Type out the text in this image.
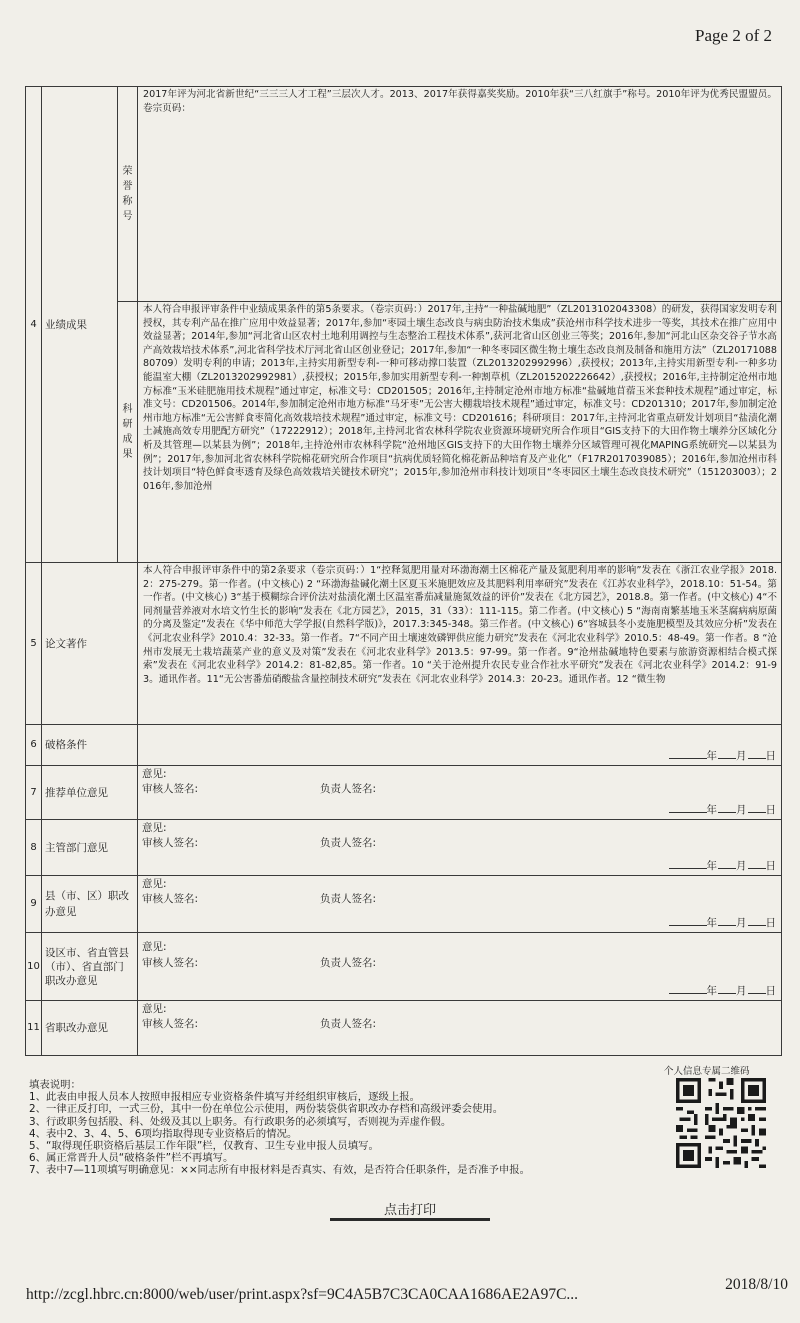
Page 2 of 2
4	业绩成果	荣誉称号	2017年评为河北省新世纪“三三三人才工程”三层次人才。2013、2017年获得嘉奖奖励。2010年获“三八红旗手”称号。2010年评为优秀民盟盟员。卷宗页码：

		科研成果	本人符合申报评审条件中业绩成果条件的第5条要求。（卷宗页码：）2017年,主持“一种盐碱地肥”（ZL2013102043308）的研发，获得国家发明专利授权，其专利产品在推广应用中效益显著；2017年,参加“枣园土壤生态改良与病虫防治技术集成”获沧州市科学技术进步一等奖，其技术在推广应用中效益显著；2014年,参加“河北省山区农村土地利用调控与生态整治工程技术体系”,获河北省山区创业三等奖；2016年,参加“河北山区杂交谷子节水高产高效栽培技术体系”,河北省科学技术厅河北省山区创业登记；2017年,参加“一种冬枣园区微生物土壤生态改良剂及制备和施用方法”（ZL2017108880709）发明专利的申请；2013年,主持实用新型专利-一种可移动撑口装置（ZL2013202992996）,获授权；2013年,主持实用新型专利-一种多功能温室大棚（ZL2013202992981）,获授权；2015年,参加实用新型专利-一种割草机（ZL2015202226642）,获授权；2016年,主持制定沧州市地方标准“玉米硅肥施用技术规程”通过审定，标准文号：CD201505；2016年,主持制定沧州市地方标准“盐碱地苜蓿玉米套种技术规程”通过审定，标准文号：CD201506。2014年,参加制定沧州市地方标准“马牙枣”无公害大棚栽培技术规程”通过审定，标准文号：CD201310；2017年,参加制定沧州市地方标准“无公害鲜食枣简化高效栽培技术规程”通过审定，标准文号：CD201616；科研项目：2017年,主持河北省重点研发计划项目“盐渍化潮土减施高效专用肥配方研究”（17222912）；2018年,主持河北省农林科学院农业资源环境研究所合作项目“GIS支持下的大田作物土壤养分区域化分析及其管理—以某县为例”；2018年,主持沧州市农林科学院“沧州地区GIS支持下的大田作物土壤养分区域管理可视化MAPING系统研究—以某县为例”；2017年,参加河北省农林科学院棉花研究所合作项目“抗病优质轻简化棉花新品种培育及产业化”（F17R2017039085）；2016年,参加沧州市科技计划项目“特色鲜食枣透育及绿色高效栽培关键技术研究”；2015年,参加沧州市科技计划项目“冬枣园区土壤生态改良技术研究”（151203003）；2016年,参加沧州

5	论文著作		本人符合申报评审条件中的第2条要求（卷宗页码：）1“控释氮肥用量对环渤海潮土区棉花产量及氮肥利用率的影响”发表在《浙江农业学报》2018.2：275-279。第一作者。(中文核心) 2 “环渤海盐碱化潮土区夏玉米施肥效应及其肥料利用率研究”发表在《江苏农业科学》，2018.10：51-54。第一作者。(中文核心) 3“基于模糊综合评价法对盐渍化潮土区温室番茄减量施氮效益的评价”发表在《北方园艺》，2018.8。第一作者。(中文核心) 4“不同剂量营养液对水培文竹生长的影响”发表在《北方园艺》，2015，31（33）：111-115。第二作者。(中文核心) 5 “海南南繁基地玉米茎腐病病原菌的分离及鉴定”发表在《华中师范大学学报(自然科学版)》，2017.3:345-348。第三作者。(中文核心) 6“容城县冬小麦施肥模型及其效应分析”发表在《河北农业科学》2010.4：32-33。第一作者。7“不同产田土壤速效磷钾供应能力研究”发表在《河北农业科学》2010.5：48-49。第一作者。8 “沧州市发展无土栽培蔬菜产业的意义及对策”发表在《河北农业科学》2013.5：97-99。第一作者。9“沧州盐碱地特色要素与旅游资源相结合模式探索”发表在《河北农业科学》2014.2：81-82,85。第一作者。10 “关于沧州提升农民专业合作社水平研究”发表在《河北农业科学》2014.2：91-93。通讯作者。11“无公害番茄硝酸盐含量控制技术研究”发表在《河北农业科学》2014.3：20-23。通讯作者。12 “微生物

6	破格条件		
7	推荐单位意见		意见:
审核人签名: 负责人签名:
年 月 日

8	主管部门意见		意见:
审核人签名: 负责人签名:
年 月 日

9	县（市、区）职改办意见		意见:
审核人签名: 负责人签名:
年 月 日

10	设区市、省直管县（市）、省直部门职改办意见		意见:
审核人签名: 负责人签名:
年 月 日

11	省职改办意见		意见:
审核人签名: 负责人签名:
年 月 日
个人信息专属二维码
填表说明：
1、此表由申报人员本人按照申报相应专业资格条件填写并经组织审核后，逐级上报。
2、一律正反打印，一式三份，其中一份在单位公示使用，两份装袋供省职改办存档和高级评委会使用。
3、行政职务包括股、科、处级及其以上职务。有行政职务的必须填写，否则视为弄虚作假。
4、表中2、3、4、5、6项均指取得现专业资格后的情况。
5、“取得现任职资格后基层工作年限”栏，仅教育、卫生专业申报人员填写。
6、属正常晋升人员“破格条件”栏不再填写。
7、表中7—11项填写明确意见：××同志所有申报材料是否真实、有效，是否符合任职条件，是否准予申报。
点击打印
http://zcgl.hbrc.cn:8000/web/user/print.aspx?sf=9C4A5B7C3CA0CAA1686AE2A97C...
2018/8/10
